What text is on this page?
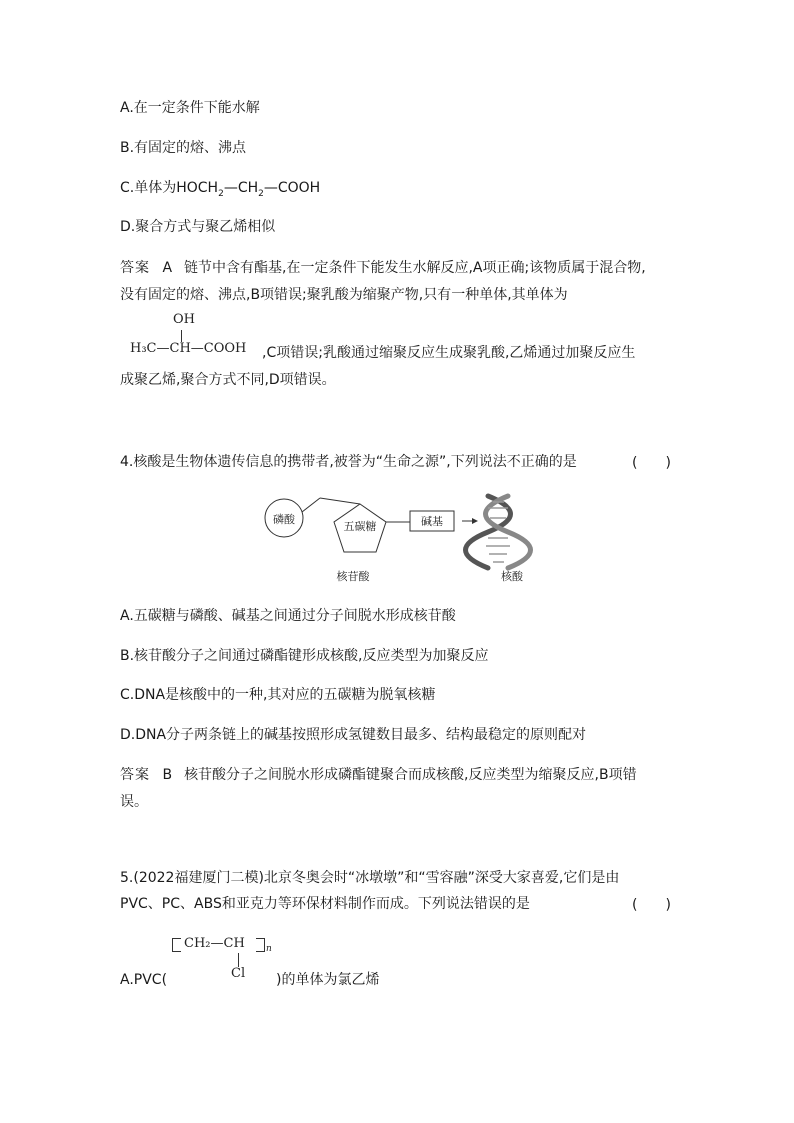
A.在一定条件下能水解
B.有固定的熔、沸点
C.单体为$HOCH_2—CH_2—COOH$
D.聚合方式与聚乙烯相似
答案 A 链节中含有酯基,在一定条件下能发生水解反应,A项正确;该物质属于混合物,
没有固定的熔、沸点,B项错误;聚乳酸为缩聚产物,只有一种单体,其单体为
OH
H₃C—CH—COOH ,C项错误;乳酸通过缩聚反应生成聚乳酸,乙烯通过加聚反应生
成聚乙烯,聚合方式不同,D项错误。
4.核酸是生物体遗传信息的携带者,被誉为“生命之源”,下列说法不正确的是	(　　)
磷酸
五碳糖	碱基
核苷酸	核酸
A.五碳糖与磷酸、碱基之间通过分子间脱水形成核苷酸
B.核苷酸分子之间通过磷酯键形成核酸,反应类型为加聚反应
C.DNA是核酸中的一种,其对应的五碳糖为脱氧核糖
D.DNA分子两条链上的碱基按照形成氢键数目最多、结构最稳定的原则配对
答案 B 核苷酸分子之间脱水形成磷酯键聚合而成核酸,反应类型为缩聚反应,B项错
误。
5.(2022福建厦门二模)北京冬奥会时“冰墩墩”和“雪容融”深受大家喜爱,它们是由
PVC、PC、ABS和亚克力等环保材料制作而成。下列说法错误的是	(　　)
CH₂—CH n
Cl
A.PVC(	)的单体为氯乙烯
